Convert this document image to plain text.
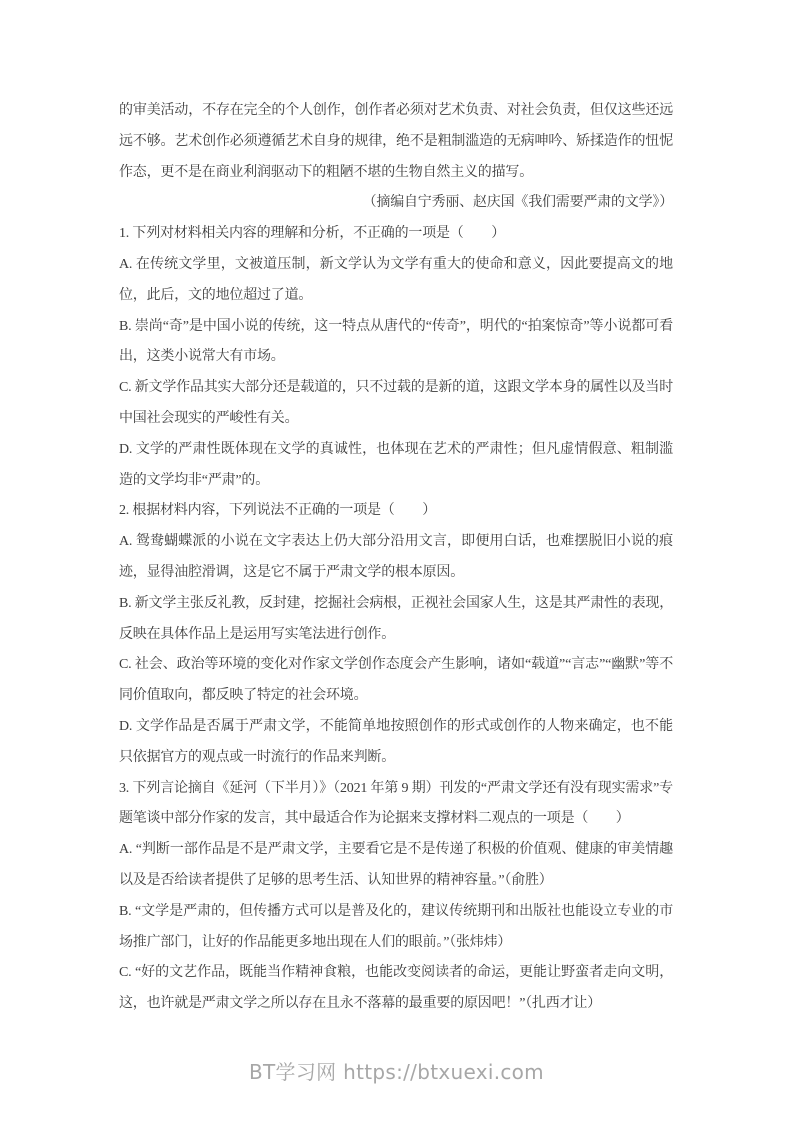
的审美活动，不存在完全的个人创作，创作者必须对艺术负责、对社会负责，但仅这些还远远不够。艺术创作必须遵循艺术自身的规律，绝不是粗制滥造的无病呻吟、矫揉造作的忸怩作态，更不是在商业利润驱动下的粗陋不堪的生物自然主义的描写。

（摘编自宁秀丽、赵庆国《我们需要严肃的文学》）

1. 下列对材料相关内容的理解和分析，不正确的一项是（　　）

A. 在传统文学里，文被道压制，新文学认为文学有重大的使命和意义，因此要提高文的地位，此后，文的地位超过了道。

B. 崇尚“奇”是中国小说的传统，这一特点从唐代的“传奇”，明代的“拍案惊奇”等小说都可看出，这类小说常大有市场。

C. 新文学作品其实大部分还是载道的，只不过载的是新的道，这跟文学本身的属性以及当时中国社会现实的严峻性有关。

D. 文学的严肃性既体现在文学的真诚性，也体现在艺术的严肃性；但凡虚情假意、粗制滥造的文学均非“严肃”的。

2. 根据材料内容，下列说法不正确的一项是（　　）

A. 鸳鸯蝴蝶派的小说在文字表达上仍大部分沿用文言，即便用白话，也难摆脱旧小说的痕迹，显得油腔滑调，这是它不属于严肃文学的根本原因。

B. 新文学主张反礼教，反封建，挖掘社会病根，正视社会国家人生，这是其严肃性的表现，反映在具体作品上是运用写实笔法进行创作。

C. 社会、政治等环境的变化对作家文学创作态度会产生影响，诸如“载道”“言志”“幽默”等不同价值取向，都反映了特定的社会环境。

D. 文学作品是否属于严肃文学，不能简单地按照创作的形式或创作的人物来确定，也不能只依据官方的观点或一时流行的作品来判断。

3. 下列言论摘自《延河（下半月）》（2021 年第 9 期）刊发的“严肃文学还有没有现实需求”专题笔谈中部分作家的发言，其中最适合作为论据来支撑材料二观点的一项是（　　）

A. “判断一部作品是不是严肃文学，主要看它是不是传递了积极的价值观、健康的审美情趣以及是否给读者提供了足够的思考生活、认知世界的精神容量。”（俞胜）

B. “文学是严肃的，但传播方式可以是普及化的，建议传统期刊和出版社也能设立专业的市场推广部门，让好的作品能更多地出现在人们的眼前。”（张炜炜）

C. “好的文艺作品，既能当作精神食粮，也能改变阅读者的命运，更能让野蛮者走向文明，这，也许就是严肃文学之所以存在且永不落幕的最重要的原因吧！”（扎西才让）

BT学习网 https://btxuexi.com
